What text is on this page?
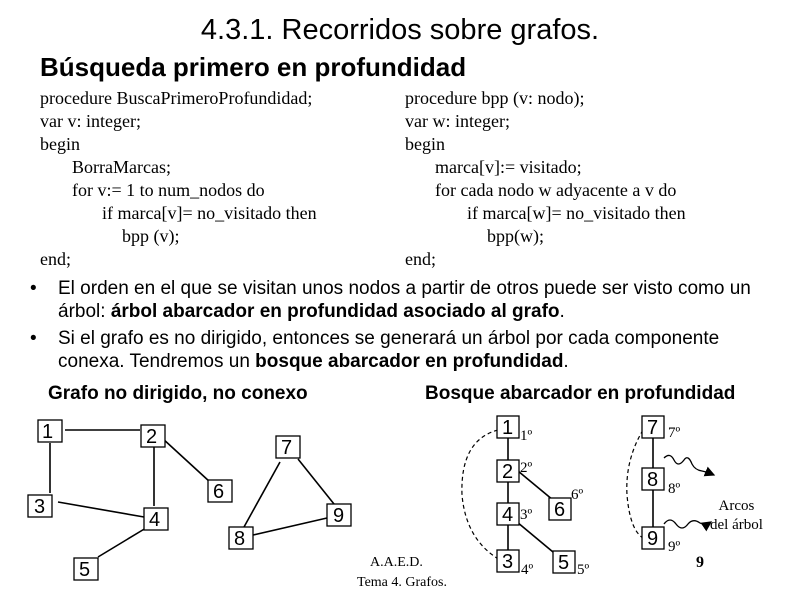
4.3.1. Recorridos sobre grafos.
Búsqueda primero en profundidad
procedure BuscaPrimeroProfundidad;
var v: integer;
begin
BorraMarcas;
for v:= 1 to num_nodos do
if marca[v]= no_visitado then
bpp (v);
end;
procedure bpp (v: nodo);
var w: integer;
begin
marca[v]:= visitado;
for cada nodo w adyacente a v do
if marca[w]= no_visitado then
bpp(w);
end;
• El orden en el que se visitan unos nodos a partir de otros puede ser visto como un árbol: árbol abarcador en profundidad asociado al grafo.
• Si el grafo es no dirigido, entonces se generará un árbol por cada componente conexa. Tendremos un bosque abarcador en profundidad.
Grafo no dirigido, no conexo	Bosque abarcador en profundidad
1	2
3
4
5
6
7
8
9
1
2
4
3 5
6
7
8
9
1º
2º
3º
4º	5º
6º
7º
8º
9º
Arcos
del árbol
9
A.A.E.D.
Tema 4. Grafos.
